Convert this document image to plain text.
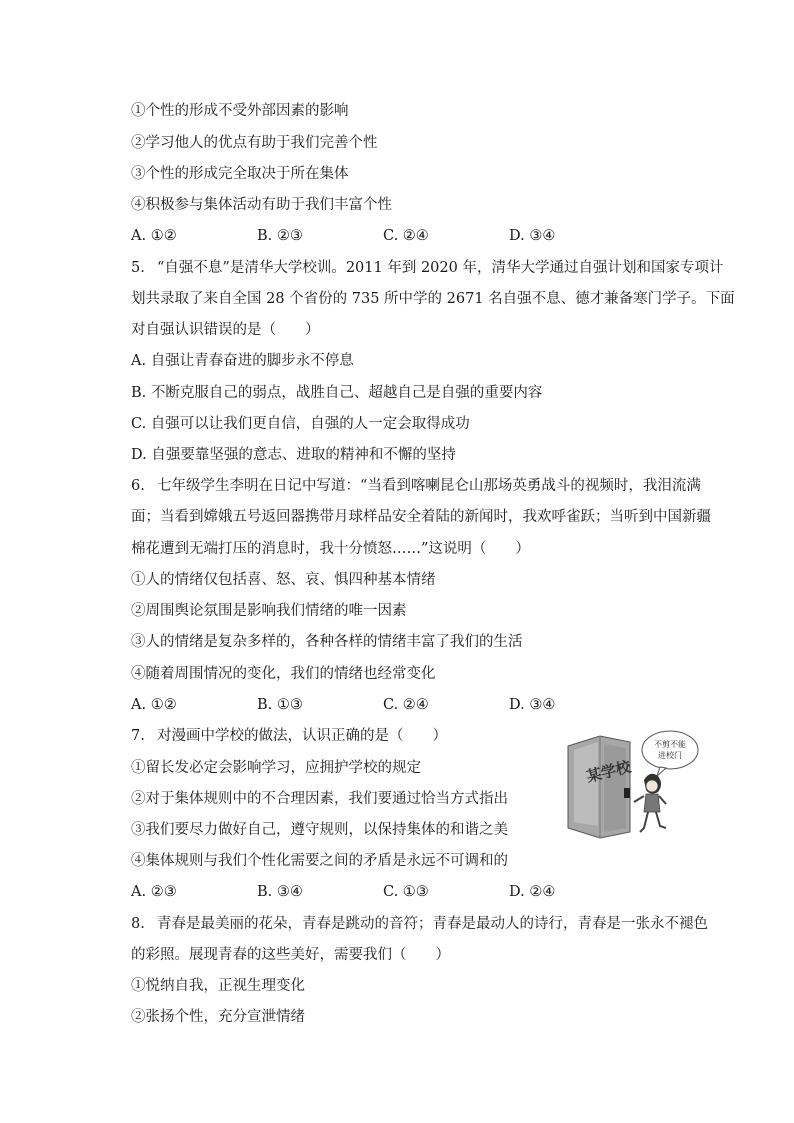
①个性的形成不受外部因素的影响
②学习他人的优点有助于我们完善个性
③个性的形成完全取决于所在集体
④积极参与集体活动有助于我们丰富个性
A. ①②	B. ②③	C. ②④	D. ③④
5. “自强不息”是清华大学校训。2011 年到 2020 年，清华大学通过自强计划和国家专项计
划共录取了来自全国 28 个省份的 735 所中学的 2671 名自强不息、德才兼备寒门学子。下面
对自强认识错误的是（　　）
A. 自强让青春奋进的脚步永不停息
B. 不断克服自己的弱点，战胜自己、超越自己是自强的重要内容
C. 自强可以让我们更自信，自强的人一定会取得成功
D. 自强要靠坚强的意志、进取的精神和不懈的坚持
6. 七年级学生李明在日记中写道：“当看到喀喇昆仑山那场英勇战斗的视频时，我泪流满
面；当看到嫦娥五号返回器携带月球样品安全着陆的新闻时，我欢呼雀跃；当听到中国新疆
棉花遭到无端打压的消息时，我十分愤怒……”这说明（　　）
①人的情绪仅包括喜、怒、哀、惧四种基本情绪
②周围舆论氛围是影响我们情绪的唯一因素
③人的情绪是复杂多样的，各种各样的情绪丰富了我们的生活
④随着周围情况的变化，我们的情绪也经常变化
A. ①②	B. ①③	C. ②④	D. ③④
7. 对漫画中学校的做法，认识正确的是（　　）
①留长发必定会影响学习，应拥护学校的规定
②对于集体规则中的不合理因素，我们要通过恰当方式指出
③我们要尽力做好自己，遵守规则，以保持集体的和谐之美
④集体规则与我们个性化需要之间的矛盾是永远不可调和的
A. ②③	B. ③④	C. ①③	D. ②④
某学校
不剪不能
进校门
8. 青春是最美丽的花朵，青春是跳动的音符；青春是最动人的诗行，青春是一张永不褪色
的彩照。展现青春的这些美好，需要我们（　　）
①悦纳自我，正视生理变化
②张扬个性，充分宣泄情绪
